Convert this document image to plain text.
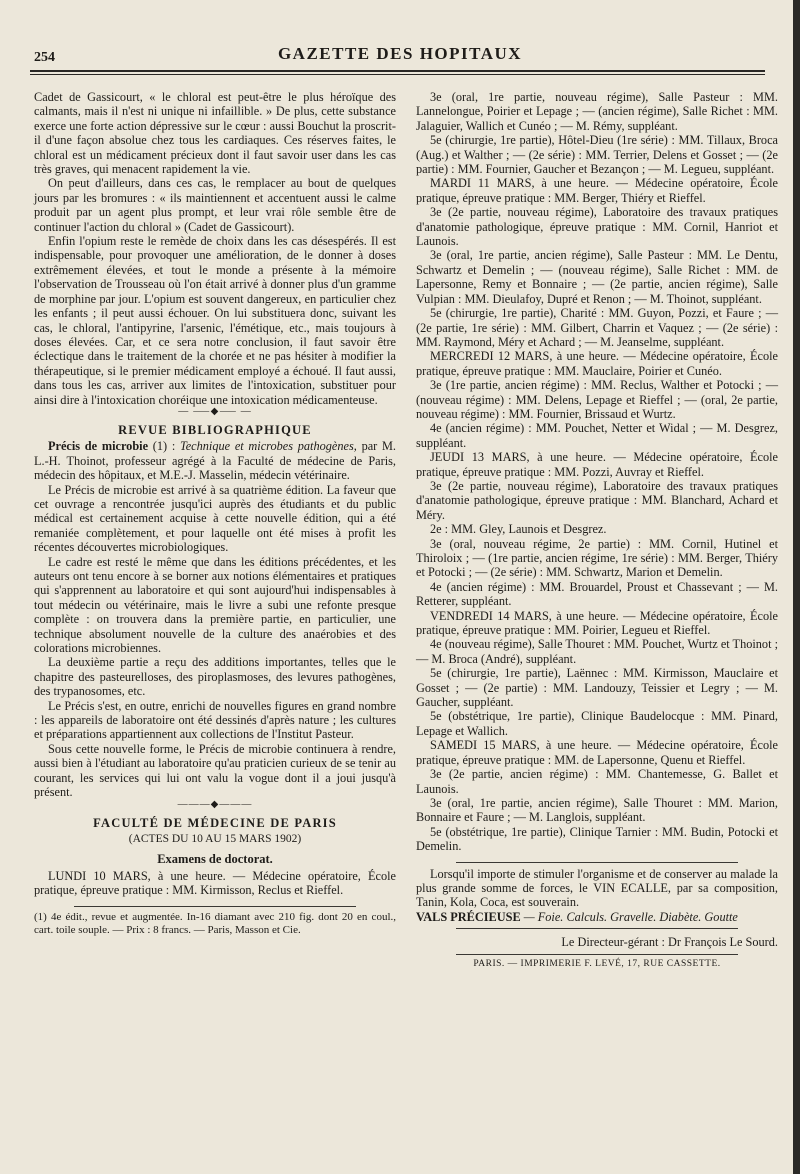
254	GAZETTE DES HOPITAUX

Cadet de Gassicourt, « le chloral est peut-être le plus héroïque des calmants, mais il n'est ni unique ni infaillible. » De plus, cette substance exerce une forte action dépressive sur le cœur : aussi Bouchut la proscrit-il d'une façon absolue chez tous les cardiaques. Ces réserves faites, le chloral est un médicament précieux dont il faut savoir user dans les cas très graves, qui menacent rapidement la vie.

On peut d'ailleurs, dans ces cas, le remplacer au bout de quelques jours par les bromures : « ils maintiennent et accentuent aussi le calme produit par un agent plus prompt, et leur vrai rôle semble être de continuer l'action du chloral » (Cadet de Gassicourt).

Enfin l'opium reste le remède de choix dans les cas désespérés. Il est indispensable, pour provoquer une amélioration, de le donner à doses extrêmement élevées, et tout le monde a présente à la mémoire l'observation de Trousseau où l'on était arrivé à donner plus d'un gramme de morphine par jour. L'opium est souvent dangereux, en particulier chez les enfants ; il peut aussi échouer. On lui substituera donc, suivant les cas, le chloral, l'antipyrine, l'arsenic, l'émétique, etc., mais toujours à doses élevées. Car, et ce sera notre conclusion, il faut savoir être éclectique dans le traitement de la chorée et ne pas hésiter à modifier la thérapeutique, si le premier médicament employé a échoué. Il faut aussi, dans tous les cas, arriver aux limites de l'intoxication, substituer pour ainsi dire à l'intoxication choréique une intoxication médicamenteuse.

— ⸺◆⸺ —
REVUE BIBLIOGRAPHIQUE

Précis de microbie (1) : Technique et microbes pathogènes, par M. L.-H. Thoinot, professeur agrégé à la Faculté de médecine de Paris, médecin des hôpitaux, et M.E.-J. Masselin, médecin vétérinaire.

Le Précis de microbie est arrivé à sa quatrième édition. La faveur que cet ouvrage a rencontrée jusqu'ici auprès des étudiants et du public médical est certainement acquise à cette nouvelle édition, qui a été remaniée complètement, et pour laquelle ont été mises à profit les récentes découvertes microbiologiques.

Le cadre est resté le même que dans les éditions précédentes, et les auteurs ont tenu encore à se borner aux notions élémentaires et pratiques qui s'apprennent au laboratoire et qui sont aujourd'hui indispensables à tout médecin ou vétérinaire, mais le livre a subi une refonte presque complète : on trouvera dans la première partie, en particulier, une technique absolument nouvelle de la culture des anaérobies et des colorations microbiennes.

La deuxième partie a reçu des additions importantes, telles que le chapitre des pasteurelloses, des piroplasmoses, des levures pathogènes, des trypanosomes, etc.

Le Précis s'est, en outre, enrichi de nouvelles figures en grand nombre : les appareils de laboratoire ont été dessinés d'après nature ; les cultures et préparations appartiennent aux collections de l'Institut Pasteur.

Sous cette nouvelle forme, le Précis de microbie continuera à rendre, aussi bien à l'étudiant au laboratoire qu'au praticien curieux de se tenir au courant, les services qui lui ont valu la vogue dont il a joui jusqu'à présent.

———◆———
FACULTÉ DE MÉDECINE DE PARIS
(ACTES DU 10 AU 15 MARS 1902)
Examens de doctorat.

LUNDI 10 MARS, à une heure. — Médecine opératoire, École pratique, épreuve pratique : MM. Kirmisson, Reclus et Rieffel.

(1) 4e édit., revue et augmentée. In-16 diamant avec 210 fig. dont 20 en coul., cart. toile souple. — Prix : 8 francs. — Paris, Masson et Cie.

3e (oral, 1re partie, nouveau régime), Salle Pasteur : MM. Lannelongue, Poirier et Lepage ; — (ancien régime), Salle Richet : MM. Jalaguier, Wallich et Cunéo ; — M. Rémy, suppléant.

5e (chirurgie, 1re partie), Hôtel-Dieu (1re série) : MM. Tillaux, Broca (Aug.) et Walther ; — (2e série) : MM. Terrier, Delens et Gosset ; — (2e partie) : MM. Fournier, Gaucher et Bezançon ; — M. Legueu, suppléant.

MARDI 11 MARS, à une heure. — Médecine opératoire, École pratique, épreuve pratique : MM. Berger, Thiéry et Rieffel.

3e (2e partie, nouveau régime), Laboratoire des travaux pratiques d'anatomie pathologique, épreuve pratique : MM. Cornil, Hanriot et Launois.

3e (oral, 1re partie, ancien régime), Salle Pasteur : MM. Le Dentu, Schwartz et Demelin ; — (nouveau régime), Salle Richet : MM. de Lapersonne, Remy et Bonnaire ; — (2e partie, ancien régime), Salle Vulpian : MM. Dieulafoy, Dupré et Renon ; — M. Thoinot, suppléant.

5e (chirurgie, 1re partie), Charité : MM. Guyon, Pozzi, et Faure ; — (2e partie, 1re série) : MM. Gilbert, Charrin et Vaquez ; — (2e série) : MM. Raymond, Méry et Achard ; — M. Jeanselme, suppléant.

MERCREDI 12 MARS, à une heure. — Médecine opératoire, École pratique, épreuve pratique : MM. Mauclaire, Poirier et Cunéo.

3e (1re partie, ancien régime) : MM. Reclus, Walther et Potocki ; — (nouveau régime) : MM. Delens, Lepage et Rieffel ; — (oral, 2e partie, nouveau régime) : MM. Fournier, Brissaud et Wurtz.

4e (ancien régime) : MM. Pouchet, Netter et Widal ; — M. Desgrez, suppléant.

JEUDI 13 MARS, à une heure. — Médecine opératoire, École pratique, épreuve pratique : MM. Pozzi, Auvray et Rieffel.

3e (2e partie, nouveau régime), Laboratoire des travaux pratiques d'anatomie pathologique, épreuve pratique : MM. Blanchard, Achard et Méry.

2e : MM. Gley, Launois et Desgrez.

3e (oral, nouveau régime, 2e partie) : MM. Cornil, Hutinel et Thiroloix ; — (1re partie, ancien régime, 1re série) : MM. Berger, Thiéry et Potocki ; — (2e série) : MM. Schwartz, Marion et Demelin.

4e (ancien régime) : MM. Brouardel, Proust et Chassevant ; — M. Retterer, suppléant.

VENDREDI 14 MARS, à une heure. — Médecine opératoire, École pratique, épreuve pratique : MM. Poirier, Legueu et Rieffel.

4e (nouveau régime), Salle Thouret : MM. Pouchet, Wurtz et Thoinot ; — M. Broca (André), suppléant.

5e (chirurgie, 1re partie), Laënnec : MM. Kirmisson, Mauclaire et Gosset ; — (2e partie) : MM. Landouzy, Teissier et Legry ; — M. Gaucher, suppléant.

5e (obstétrique, 1re partie), Clinique Baudelocque : MM. Pinard, Lepage et Wallich.

SAMEDI 15 MARS, à une heure. — Médecine opératoire, École pratique, épreuve pratique : MM. de Lapersonne, Quenu et Rieffel.

3e (2e partie, ancien régime) : MM. Chantemesse, G. Ballet et Launois.

3e (oral, 1re partie, ancien régime), Salle Thouret : MM. Marion, Bonnaire et Faure ; — M. Langlois, suppléant.

5e (obstétrique, 1re partie), Clinique Tarnier : MM. Budin, Potocki et Demelin.

Lorsqu'il importe de stimuler l'organisme et de conserver au malade la plus grande somme de forces, le VIN ECALLE, par sa composition, Tanin, Kola, Coca, est souverain.

VALS PRÉCIEUSE — Foie. Calculs. Gravelle. Diabète. Goutte

Le Directeur-gérant : Dr François Le Sourd.
PARIS. — IMPRIMERIE F. LEVÉ, 17, RUE CASSETTE.
